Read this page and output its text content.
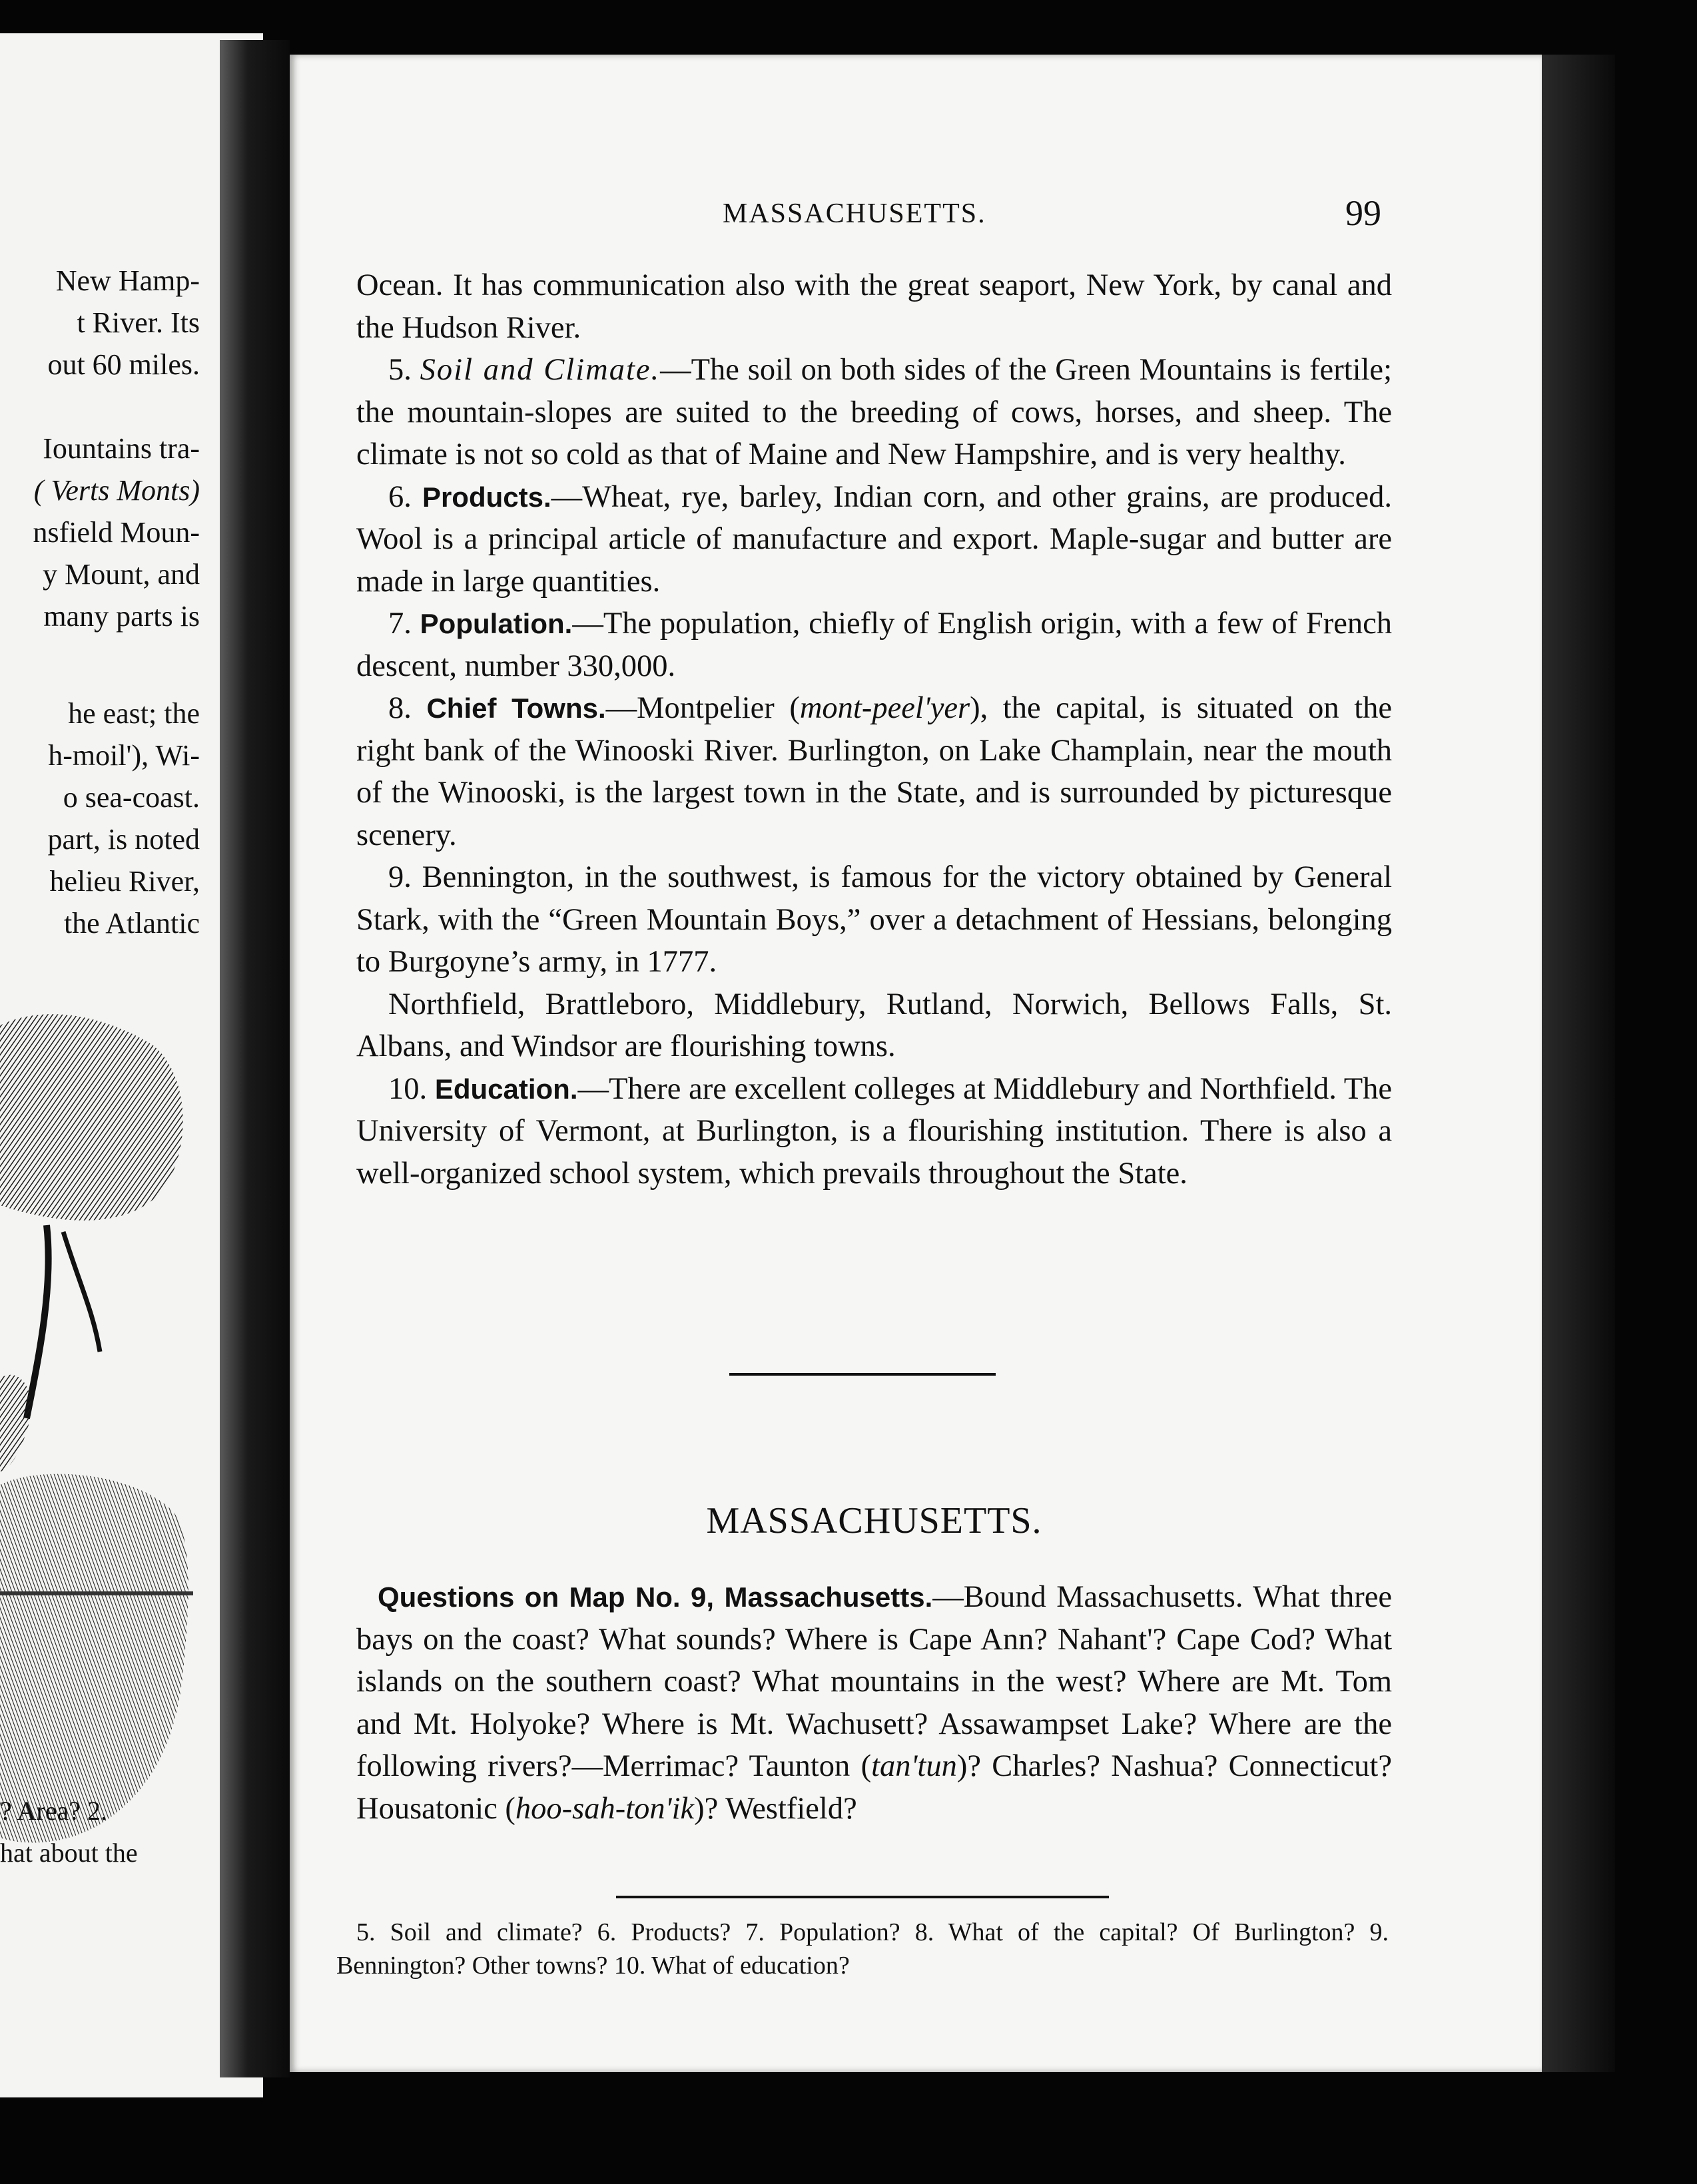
New Hamp-
t River. Its
out 60 miles.
Iountains tra-
( Verts Monts)
nsfield Moun-
y Mount, and
many parts is
he east; the
h-moil'), Wi-
o sea-coast.
part, is noted
helieu River,
the Atlantic
? Area? 2.
hat about the
MASSACHUSETTS.	99

Ocean. It has communication also with the great seaport, New York, by canal and the Hudson River.

5. Soil and Climate.—The soil on both sides of the Green Mountains is fertile; the mountain-slopes are suited to the breeding of cows, horses, and sheep. The climate is not so cold as that of Maine and New Hampshire, and is very healthy.

6. Products.—Wheat, rye, barley, Indian corn, and other grains, are produced. Wool is a principal article of manufacture and export. Maple-sugar and butter are made in large quantities.

7. Population.—The population, chiefly of English origin, with a few of French descent, number 330,000.

8. Chief Towns.—Montpelier (mont-peel'yer), the capital, is situated on the right bank of the Winooski River. Burlington, on Lake Champlain, near the mouth of the Winooski, is the largest town in the State, and is surrounded by picturesque scenery.

9. Bennington, in the southwest, is famous for the victory obtained by General Stark, with the “Green Mountain Boys,” over a detachment of Hessians, belonging to Burgoyne’s army, in 1777.

Northfield, Brattleboro, Middlebury, Rutland, Norwich, Bellows Falls, St. Albans, and Windsor are flourishing towns.

10. Education.—There are excellent colleges at Middlebury and Northfield. The University of Vermont, at Burlington, is a flourishing institution. There is also a well-organized school system, which prevails throughout the State.

MASSACHUSETTS.

Questions on Map No. 9, Massachusetts.—Bound Massachusetts. What three bays on the coast? What sounds? Where is Cape Ann? Nahant'? Cape Cod? What islands on the southern coast? What mountains in the west? Where are Mt. Tom and Mt. Holyoke? Where is Mt. Wachusett? Assawampset Lake? Where are the following rivers?—Merrimac? Taunton (tan'tun)? Charles? Nashua? Connecticut? Housatonic (hoo-sah-ton'ik)? Westfield?

5. Soil and climate? 6. Products? 7. Population? 8. What of the capital? Of Burlington? 9. Bennington? Other towns? 10. What of education?
